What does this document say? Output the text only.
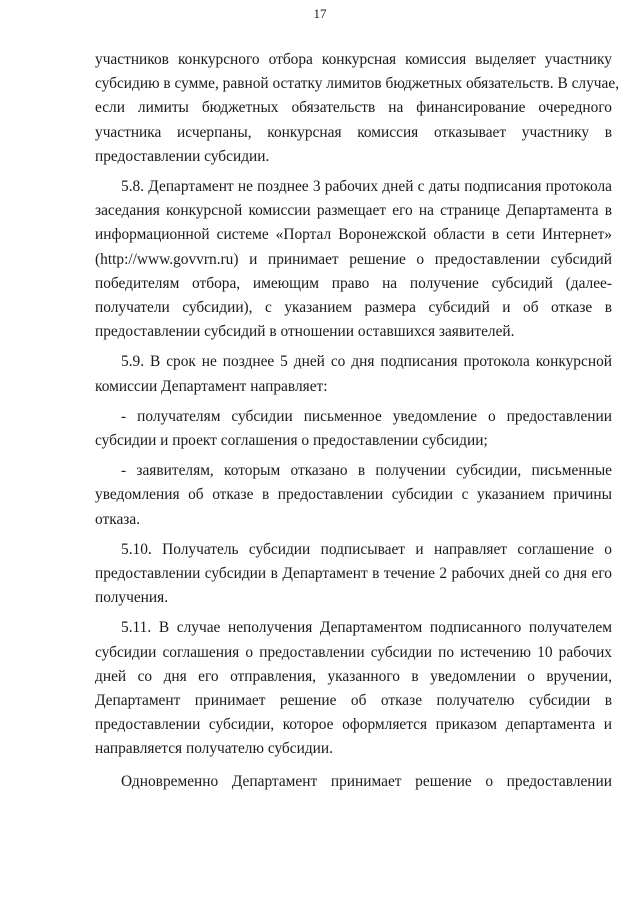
17
участников конкурсного отбора конкурсная комиссия выделяет участнику
субсидию в сумме, равной остатку лимитов бюджетных обязательств. В случае,
если лимиты бюджетных обязательств на финансирование очередного
участника исчерпаны, конкурсная комиссия отказывает участнику в
предоставлении субсидии.
5.8. Департамент не позднее 3 рабочих дней с даты подписания протокола
заседания конкурсной комиссии размещает его на странице Департамента в
информационной системе «Портал Воронежской области в сети Интернет»
(http://www.govvrn.ru) и принимает решение о предоставлении субсидий
победителям отбора, имеющим право на получение субсидий (далее-
получатели субсидии), с указанием размера субсидий и об отказе в
предоставлении субсидий в отношении оставшихся заявителей.
5.9. В срок не позднее 5 дней со дня подписания протокола конкурсной
комиссии Департамент направляет:
- получателям субсидии письменное уведомление о предоставлении
субсидии и проект соглашения о предоставлении субсидии;
- заявителям, которым отказано в получении субсидии, письменные
уведомления об отказе в предоставлении субсидии с указанием причины
отказа.
5.10. Получатель субсидии подписывает и направляет соглашение о
предоставлении субсидии в Департамент в течение 2 рабочих дней со дня его
получения.
5.11. В случае неполучения Департаментом подписанного получателем
субсидии соглашения о предоставлении субсидии по истечению 10 рабочих
дней со дня его отправления, указанного в уведомлении о вручении,
Департамент принимает решение об отказе получателю субсидии в
предоставлении субсидии, которое оформляется приказом департамента и
направляется получателю субсидии.
Одновременно Департамент принимает решение о предоставлении
